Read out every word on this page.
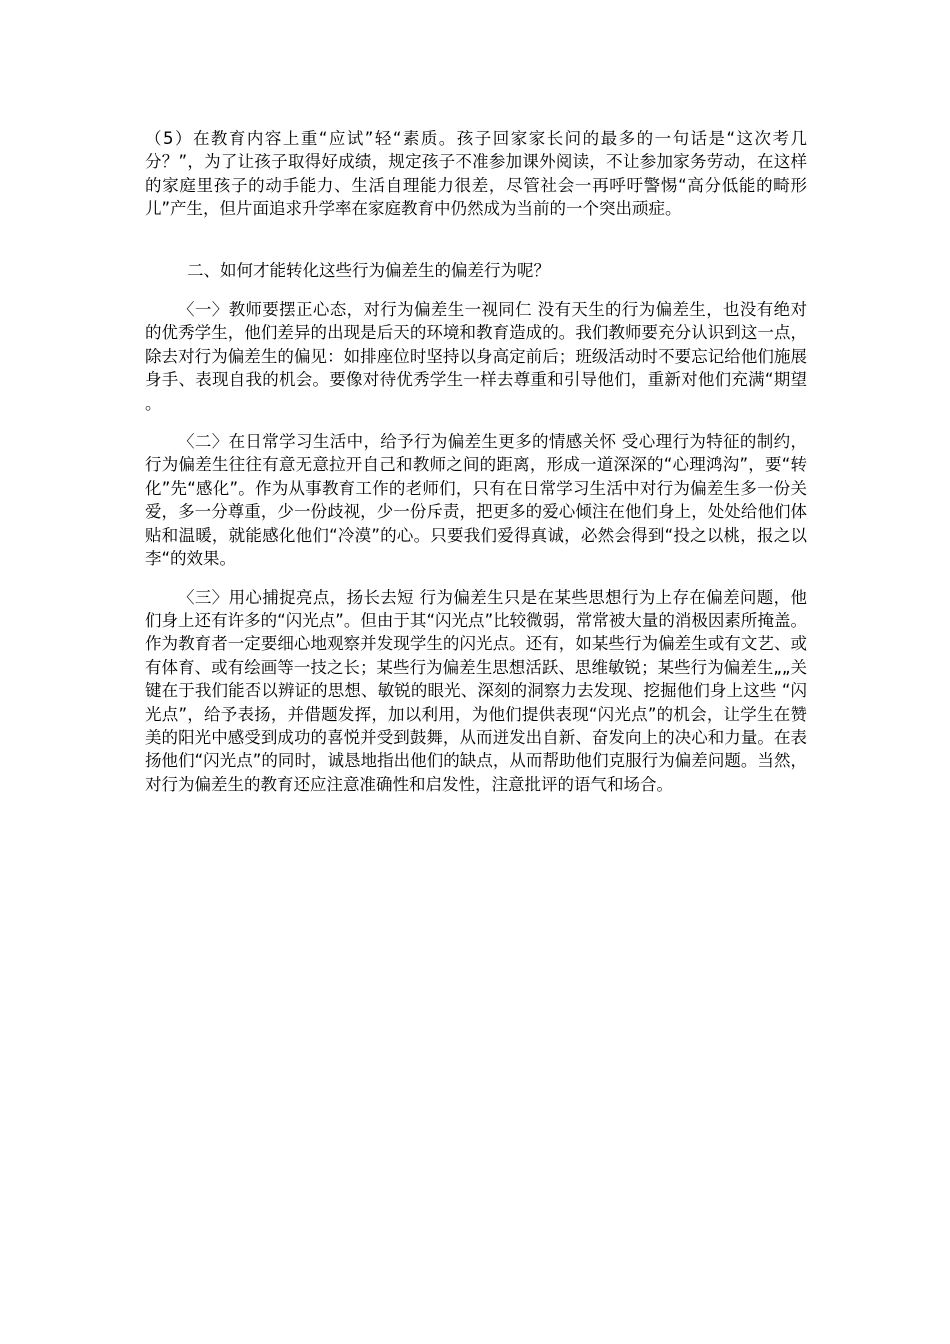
（5）在教育内容上重“应试”轻“素质。孩子回家家长问的最多的一句话是“这次考几分？”，为了让孩子取得好成绩，规定孩子不准参加课外阅读，不让参加家务劳动，在这样的家庭里孩子的动手能力、生活自理能力很差，尽管社会一再呼吁警惕“高分低能的畸形儿”产生，但片面追求升学率在家庭教育中仍然成为当前的一个突出顽症。

二、如何才能转化这些行为偏差生的偏差行为呢？

〈一〉教师要摆正心态，对行为偏差生一视同仁 没有天生的行为偏差生，也没有绝对的优秀学生，他们差异的出现是后天的环境和教育造成的。我们教师要充分认识到这一点，除去对行为偏差生的偏见：如排座位时坚持以身高定前后；班级活动时不要忘记给他们施展身手、表现自我的机会。要像对待优秀学生一样去尊重和引导他们，重新对他们充满“期望 。

〈二〉在日常学习生活中，给予行为偏差生更多的情感关怀 受心理行为特征的制约，行为偏差生往往有意无意拉开自己和教师之间的距离，形成一道深深的“心理鸿沟”，要“转化”先“感化”。作为从事教育工作的老师们，只有在日常学习生活中对行为偏差生多一份关爱，多一分尊重，少一份歧视，少一份斥责，把更多的爱心倾注在他们身上，处处给他们体贴和温暖，就能感化他们“冷漠”的心。只要我们爱得真诚，必然会得到“投之以桃，报之以李“的效果。

〈三〉用心捕捉亮点，扬长去短 行为偏差生只是在某些思想行为上存在偏差问题，他们身上还有许多的“闪光点”。但由于其“闪光点”比较微弱，常常被大量的消极因素所掩盖。作为教育者一定要细心地观察并发现学生的闪光点。还有，如某些行为偏差生或有文艺、或有体育、或有绘画等一技之长；某些行为偏差生思想活跃、思维敏锐；某些行为偏差生„„关键在于我们能否以辨证的思想、敏锐的眼光、深刻的洞察力去发现、挖掘他们身上这些 “闪光点”，给予表扬，并借题发挥，加以利用，为他们提供表现“闪光点”的机会，让学生在赞美的阳光中感受到成功的喜悦并受到鼓舞，从而迸发出自新、奋发向上的决心和力量。在表扬他们“闪光点”的同时，诚恳地指出他们的缺点，从而帮助他们克服行为偏差问题。当然，对行为偏差生的教育还应注意准确性和启发性，注意批评的语气和场合。
